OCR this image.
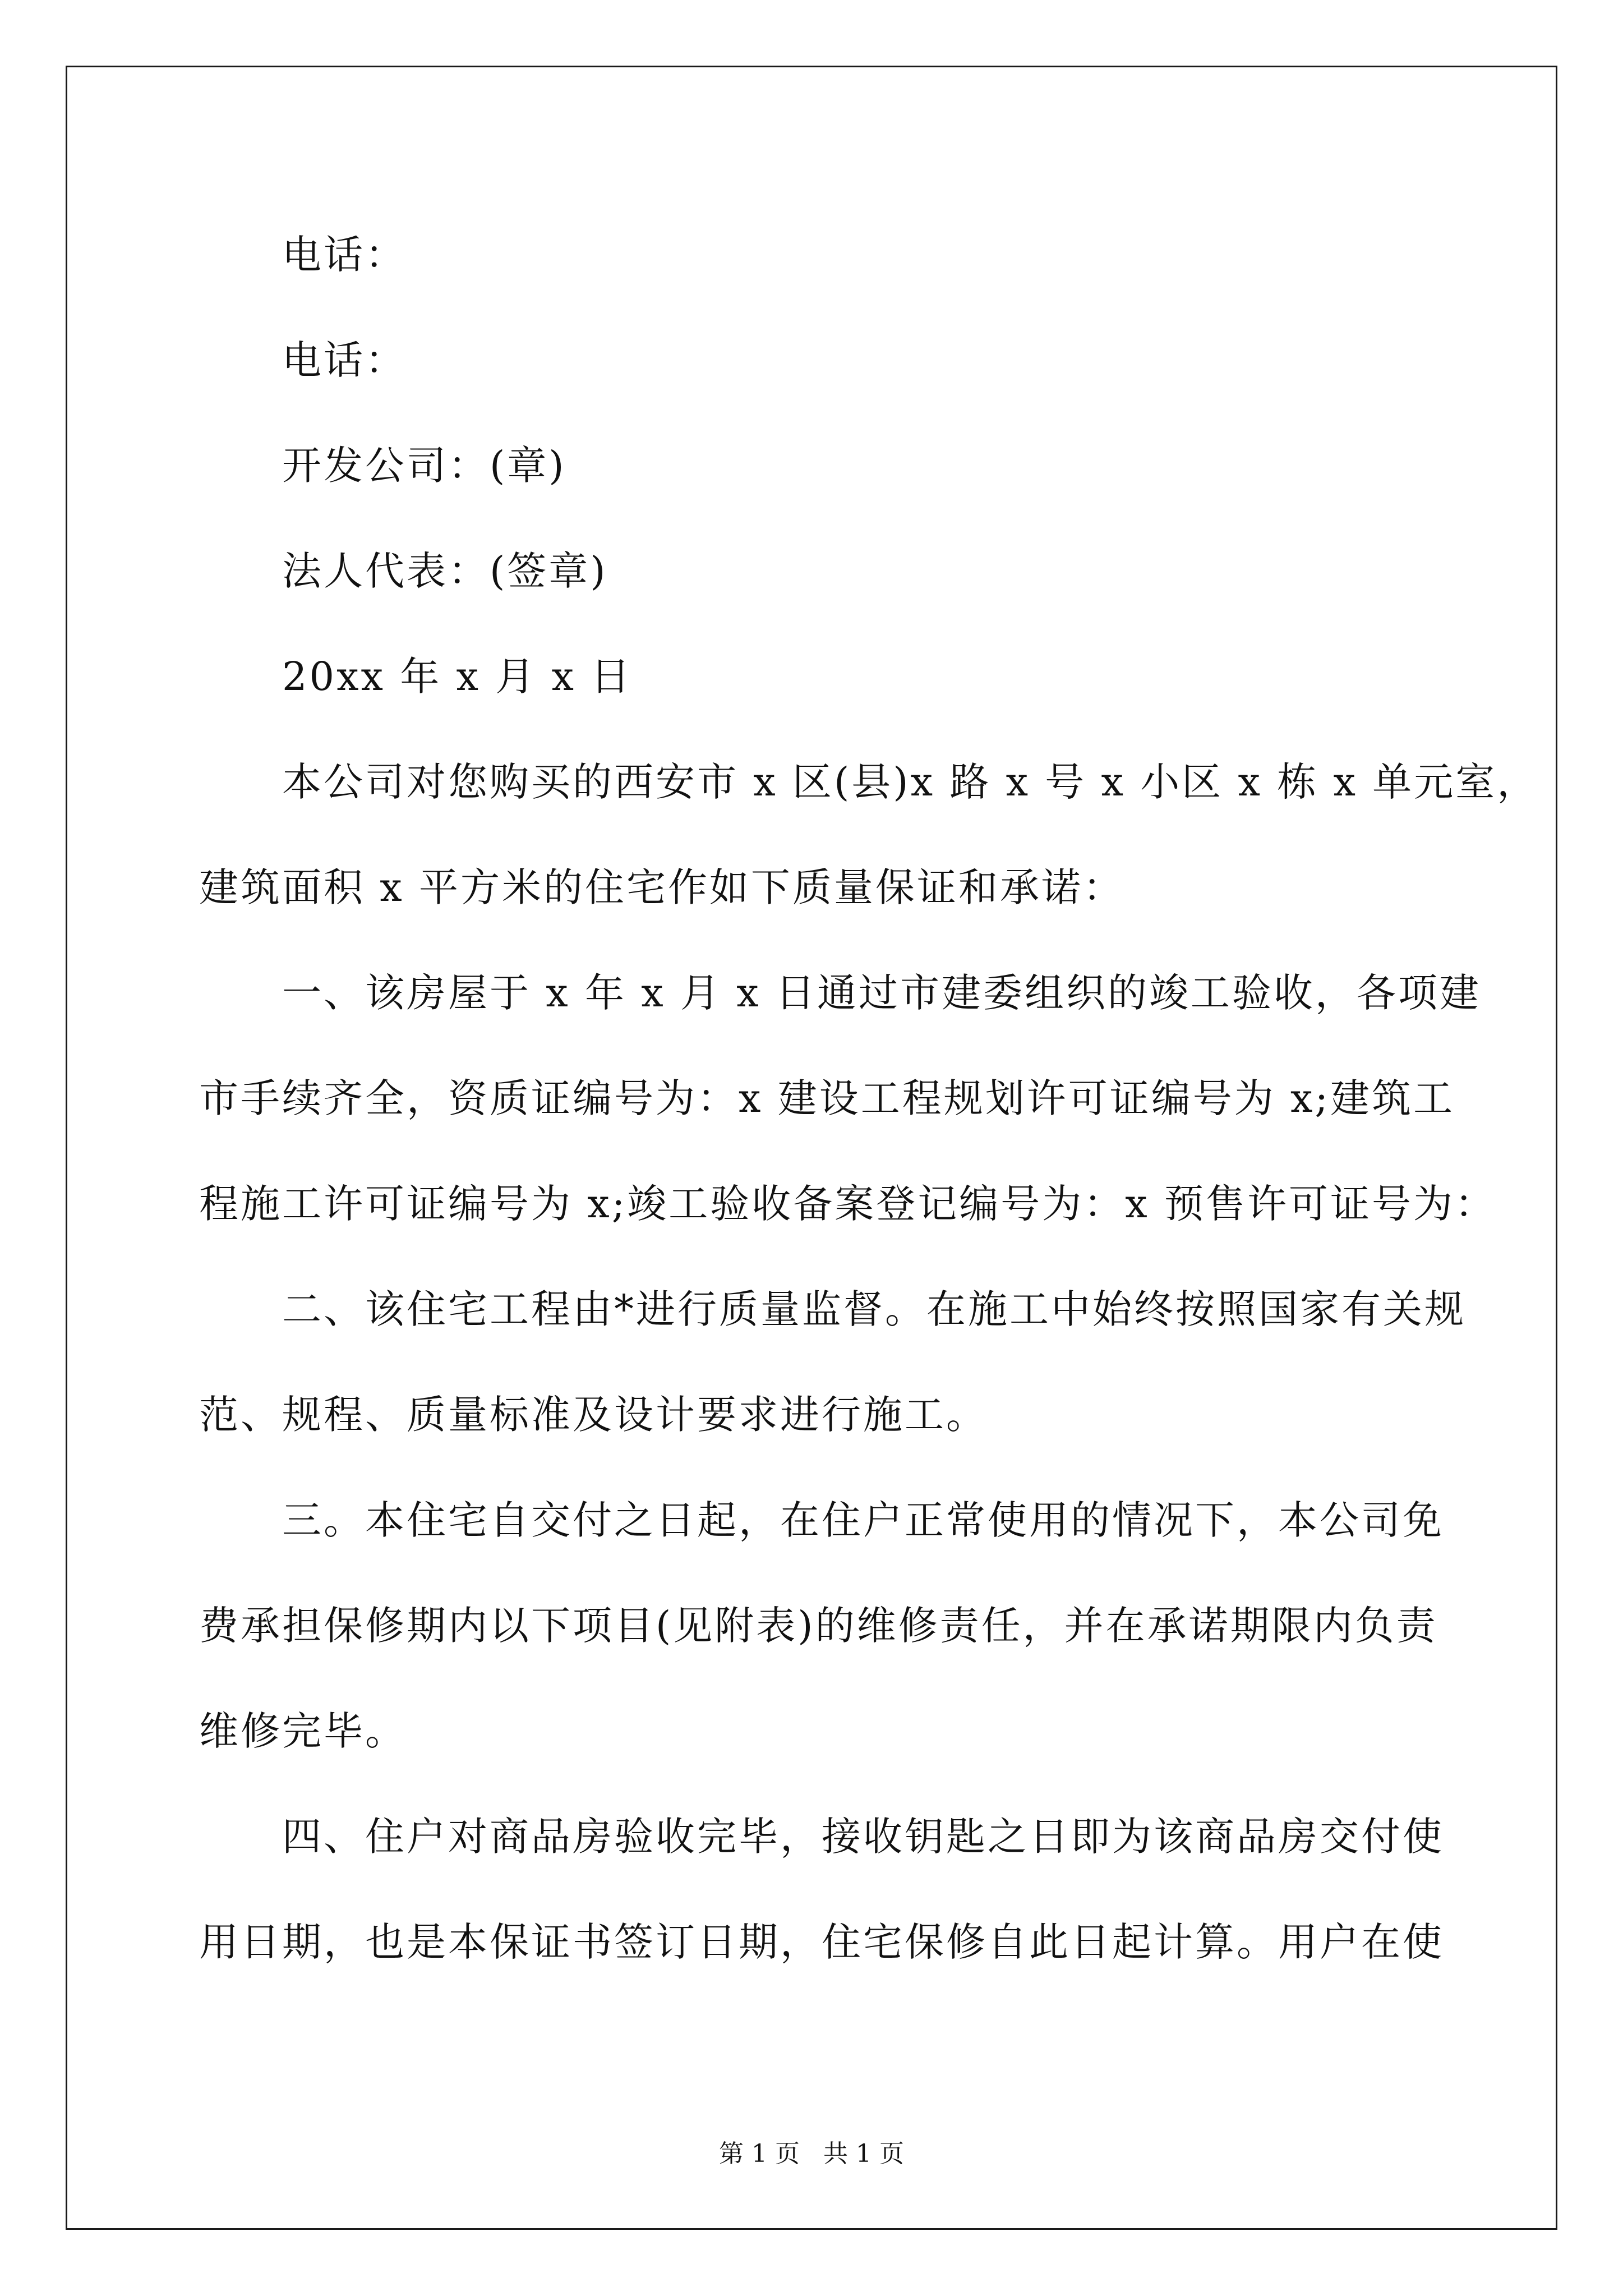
电话：
电话：
开发公司：(章)
法人代表：(签章)
20xx 年 x 月 x 日
本公司对您购买的西安市 x 区(县)x 路 x 号 x 小区 x 栋 x 单元室，
建筑面积 x 平方米的住宅作如下质量保证和承诺：
一、该房屋于 x 年 x 月 x 日通过市建委组织的竣工验收，各项建
市手续齐全，资质证编号为：x 建设工程规划许可证编号为 x;建筑工
程施工许可证编号为 x;竣工验收备案登记编号为：x 预售许可证号为：
二、该住宅工程由*进行质量监督。在施工中始终按照国家有关规
范、规程、质量标准及设计要求进行施工。
三。本住宅自交付之日起，在住户正常使用的情况下，本公司免
费承担保修期内以下项目(见附表)的维修责任，并在承诺期限内负责
维修完毕。
四、住户对商品房验收完毕，接收钥匙之日即为该商品房交付使
用日期，也是本保证书签订日期，住宅保修自此日起计算。用户在使
第 1 页   共 1 页
